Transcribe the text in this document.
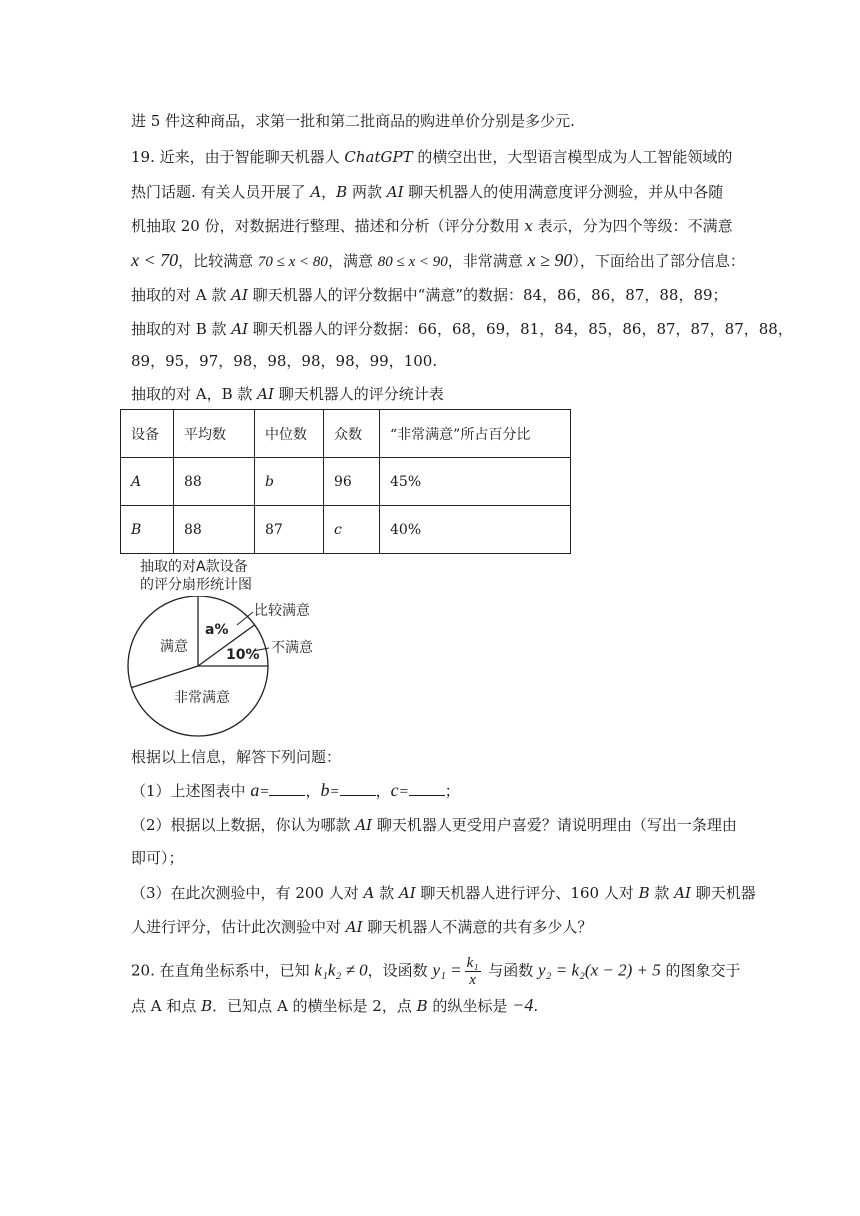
进 5 件这种商品，求第一批和第二批商品的购进单价分别是多少元.
19. 近来，由于智能聊天机器人 ChatGPT 的横空出世，大型语言模型成为人工智能领域的
热门话题. 有关人员开展了 A，B 两款 AI 聊天机器人的使用满意度评分测验，并从中各随
机抽取 20 份，对数据进行整理、描述和分析（评分分数用 x 表示，分为四个等级：不满意
x < 70，比较满意 70 ≤ x < 80，满意 80 ≤ x < 90，非常满意 x ≥ 90），下面给出了部分信息：
抽取的对 A 款 AI 聊天机器人的评分数据中“满意”的数据：84，86，86，87，88，89；
抽取的对 B 款 AI 聊天机器人的评分数据：66，68，69，81，84，85，86，87，87，87，88，
89，95，97，98，98，98，98，99，100.
抽取的对 A，B 款 AI 聊天机器人的评分统计表
设备	平均数	中位数	众数	“非常满意”所占百分比
A	88	b	96	45%
B	88	87	c	40%
抽取的对A款设备
的评分扇形统计图
满意
a%
10%
比较满意
不满意
非常满意
根据以上信息，解答下列问题：
（1）上述图表中 a= ，b= ，c= ；
（2）根据以上数据，你认为哪款 AI 聊天机器人更受用户喜爱？请说明理由（写出一条理由
即可）；
（3）在此次测验中，有 200 人对 A 款 AI 聊天机器人进行评分、160 人对 B 款 AI 聊天机器
人进行评分，估计此次测验中对 AI 聊天机器人不满意的共有多少人？
20. 在直角坐标系中，已知 k₁k₂ ≠ 0，设函数 $y_1 = \frac{\text{k₁}}{x}$ 与函数 y₂ = k₂(x − 2) + 5 的图象交于
点 A 和点 B．已知点 A 的横坐标是 2，点 B 的纵坐标是 −4.
